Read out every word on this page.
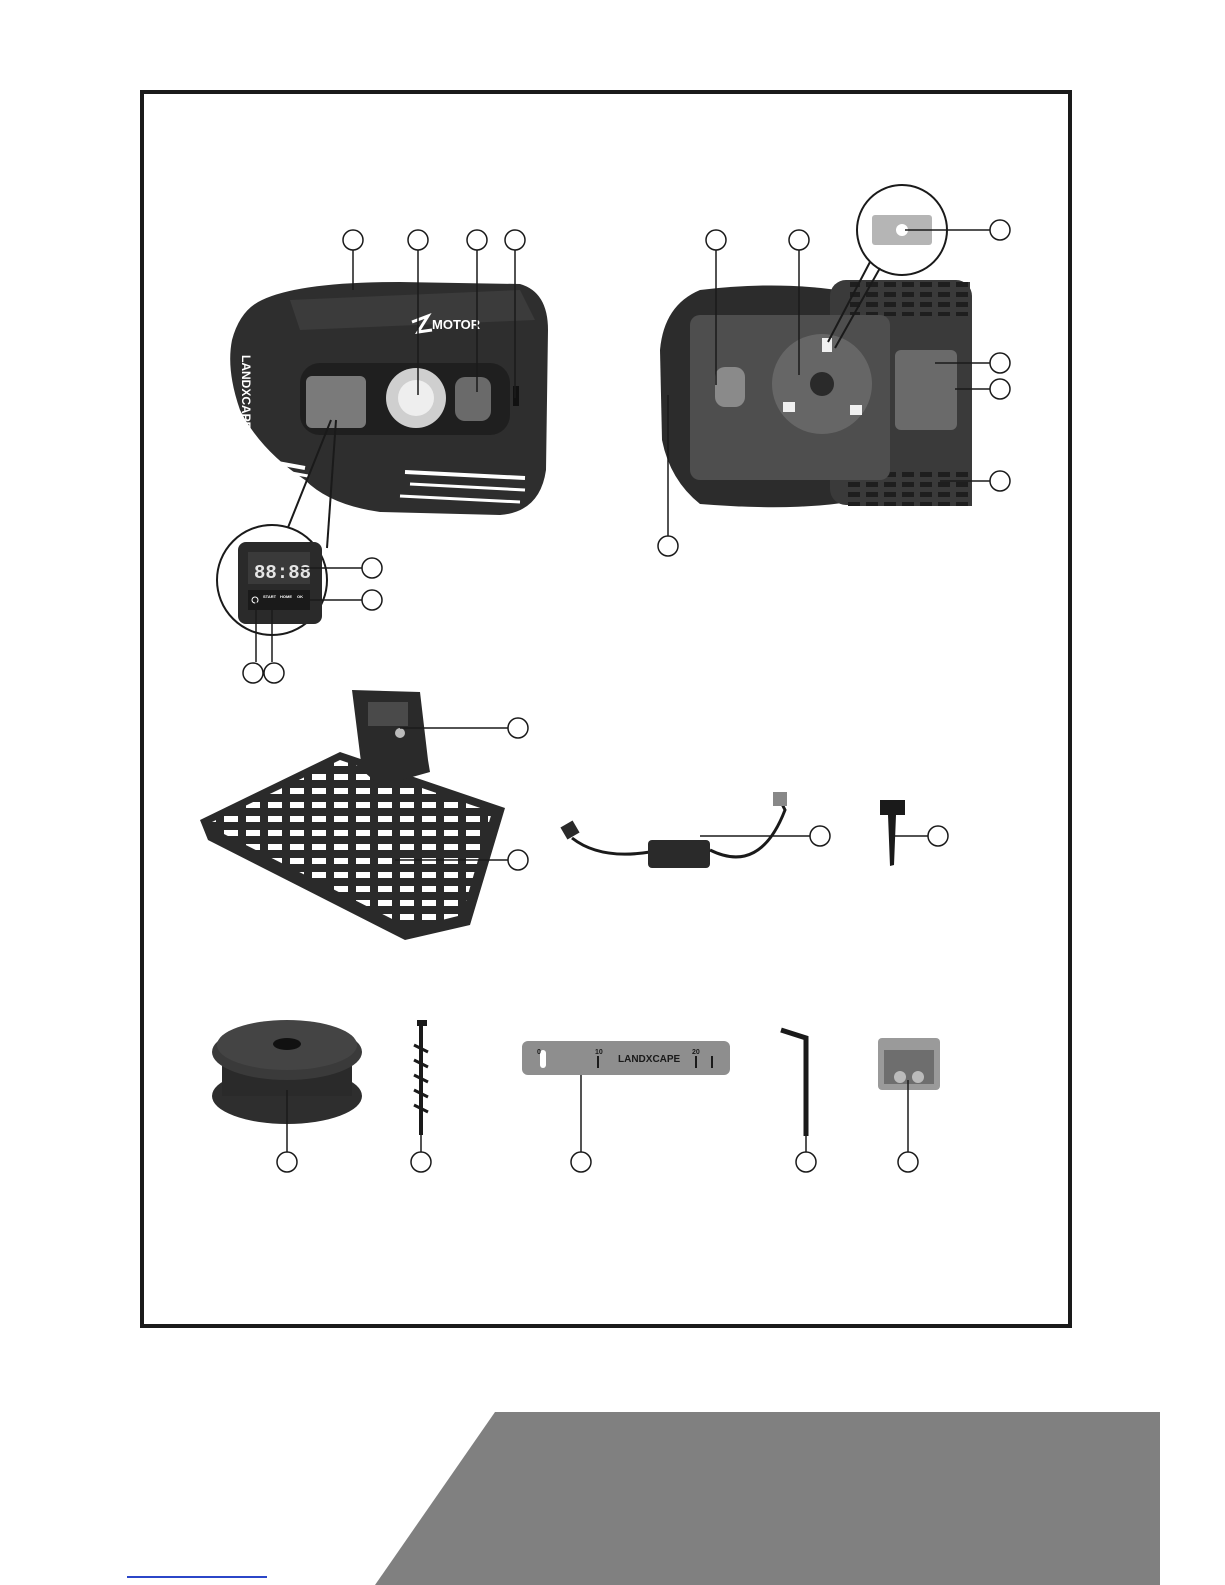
MOTOR
LANDXCAPE
88:88
START HOME OK
0	10
LANDXCAPE
20
